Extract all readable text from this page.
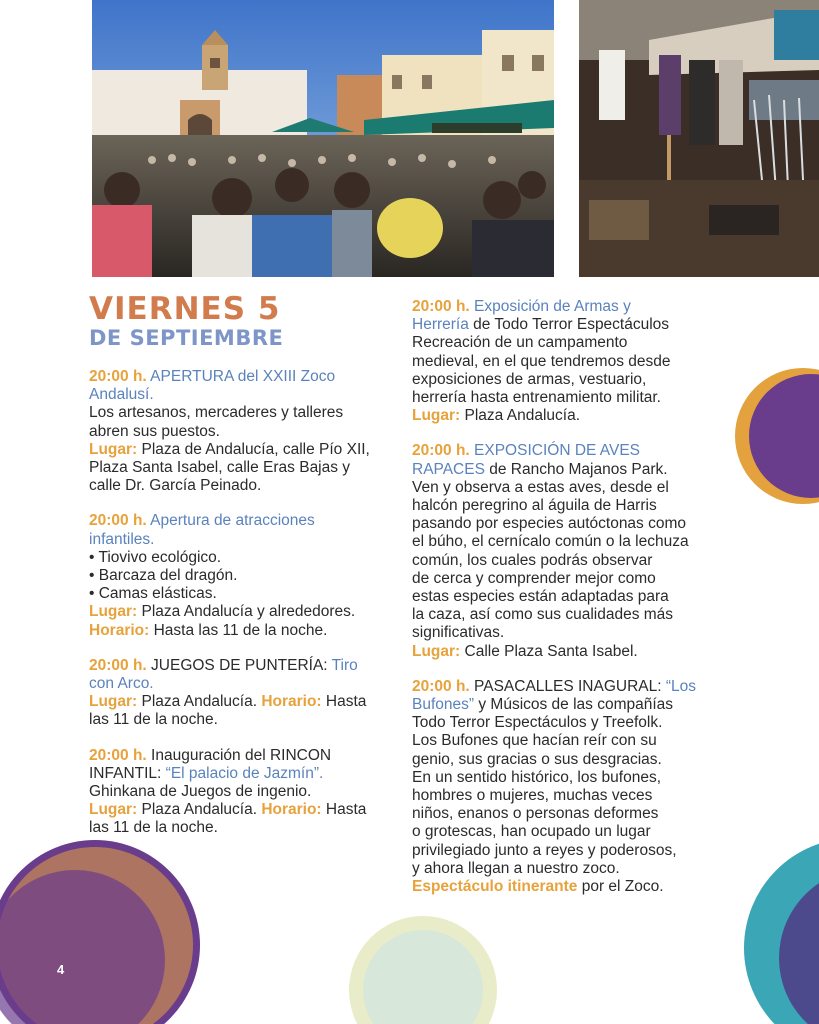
VIERNES 5
DE SEPTIEMBRE
20:00 h. APERTURA del XXIII Zoco
Andalusí.
Los artesanos, mercaderes y talleres
abren sus puestos.
Lugar: Plaza de Andalucía, calle Pío XII,
Plaza Santa Isabel, calle Eras Bajas y
calle Dr. García Peinado.
20:00 h. Apertura de atracciones
infantiles.
• Tiovivo ecológico.
• Barcaza del dragón.
• Camas elásticas.
Lugar: Plaza Andalucía y alrededores.
Horario: Hasta las 11 de la noche.
20:00 h. JUEGOS DE PUNTERÍA: Tiro
con Arco.
Lugar: Plaza Andalucía. Horario: Hasta
las 11 de la noche.
20:00 h. Inauguración del RINCON
INFANTIL: “El palacio de Jazmín”.
Ghinkana de Juegos de ingenio.
Lugar: Plaza Andalucía. Horario: Hasta
las 11 de la noche.
20:00 h. Exposición de Armas y
Herrería de Todo Terror Espectáculos
Recreación de un campamento
medieval, en el que tendremos desde
exposiciones de armas, vestuario,
herrería hasta entrenamiento militar.
Lugar: Plaza Andalucía.
20:00 h. EXPOSICIÓN DE AVES
RAPACES de Rancho Majanos Park.
Ven y observa a estas aves, desde el
halcón peregrino al águila de Harris
pasando por especies autóctonas como
el búho, el cernícalo común o la lechuza
común, los cuales podrás observar
de cerca y comprender mejor como
estas especies están adaptadas para
la caza, así como sus cualidades más
significativas.
Lugar: Calle Plaza Santa Isabel.
20:00 h. PASACALLES INAGURAL: “Los
Bufones” y Músicos de las compañías
Todo Terror Espectáculos y Treefolk.
Los Bufones que hacían reír con su
genio, sus gracias o sus desgracias.
En un sentido histórico, los bufones,
hombres o mujeres, muchas veces
niños, enanos o personas deformes
o grotescas, han ocupado un lugar
privilegiado junto a reyes y poderosos,
y ahora llegan a nuestro zoco.
Espectáculo itinerante por el Zoco.
4
